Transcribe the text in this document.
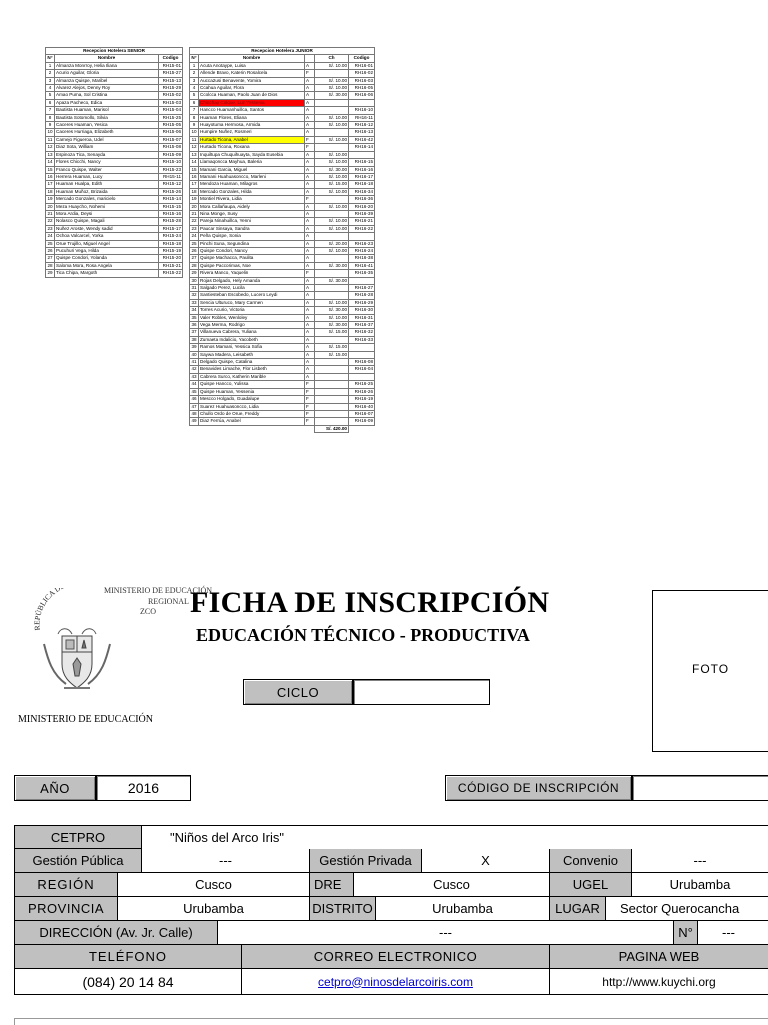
Recepcion Hotelera SENIOR		
N°	Nombre	Codigo
1	Almanza Monrroy, Helia Iliana	RH15-01
2	Acurio Aguilar, Gloria	RH15-27
3	Almanza Quispe, Maribel	RH15-13
4	Alvarez Alejos, Denny Roy	RH15-29
5	Amao Puma, Sol Cristina	RH15-02
6	Apaza Pacheco, Edica	RH15-03
7	Bautista Huaman, Marisol	RH15-04
8	Bautista Sotomollo, Silvia	RH15-25
9	Caceres Huaman, Yesica	RH15-05
10	Caceres Hurriaga, Elizabeth	RH15-06
11	Carnejo Figueroa, Udel	RH15-07
12	Diaz Sota, William	RH15-08
13	Espinoza Tica, Senayda	RH15-09
14	Flores Chicchi, Nancy	RH15-10
15	Franco Quispe, Walter	RH15-23
16	Herrera Huaman, Lucy	RH15-11
17	Huaman Hualpa, Edith	RH15-12
18	Huaman Muñoz, Brizaida	RH15-26
19	Mercado Gonzales, maricielo	RH15-14
20	Meza Huaycho, Nohemi	RH15-15
21	Mora Ardia, Deysi	RH15-16
22	Nolasco Quispe, Magali	RH15-28
23	Nuñez Aroste, Wendy sadid	RH15-17
24	Ochoa Valcarcel, Yorka	RH15-24
25	Orue Trujillo, Miguel Angel	RH15-18
26	Pucuhuri Vega, Hilda	RH15-19
27	Quispe Condori, Yolanda	RH15-20
28	Saloma Mora, Rosa Angela	RH15-21
29	Tica Chipa, Margoth	RH15-22
Recepcion Hotelera JUNIOR				
N°	Nombre		Ch	Codigo
1	Acuta Anotaype, Luisa	A	S/. 10.00	RH16-01
2	Allende Bravo, Katerin Rosalcela	F		RH16-02
3	Aucca2usi Benavente, Yomira	A	S/. 10.00	RH16-03
4	Ccahua Aguilar, Flora	A	S/. 10.00	RH16-05
5	Ccolcca Huaman, Paolo Juan de Dios	A	S/. 30.00	RH16-06
6	Chinchay Colque, Luz Yessenia	A		
7	Hancco Huamanhuillca, Santos	A		RH16-10
8	Huaman Flores, Eliana	A	S/. 10.00	RH16-11
9	Huayotuma Hermosa, Armida	A	S/. 10.00	RH16-12
10	Humpire Nuñez, Rosmeri	A		RH16-13
11	Hurtado Ticona, Anabel	F	S/. 10.00	RH16-42
12	Hurtado Ticona, Roxana	F		RH16-14
13	Inquiltupa Chuquihuayta, Sayda Eusebia	A	S/. 10.00	
14	Llamaqoncca Mayhua, Baleria	A	S/. 10.00	RH16-15
15	Mamani Garcia, Miguel	A	S/. 30.00	RH16-16
16	Mamani Huahuasoncco, Marleni	A	S/. 10.00	RH16-17
17	Mendoza Huaman, Milagros	A	S/. 15.00	RH16-18
18	Mercado Gonzales, Hilda	A	S/. 10.00	RH16-34
19	Montiel Rivera, Lidia	F		RH16-36
20	Mora Callañaupa, Aidely	A	S/. 10.00	RH16-20
21	Nina Monge, Susy	A		RH16-39
22	Pareja Ninahuillca, Yenni	A	S/. 10.00	RH16-21
23	Paucar Sinsaya, Sandra	A	S/. 10.00	RH16-22
24	Peña Quispe, Sonia	A		
25	Pinchi Suna, Segundina	A	S/. 20.00	RH16-23
26	Quispe Condori, Nancy	A	S/. 10.00	RH16-24
27	Quispe Machacca, Paulita	A		RH16-38
28	Quispe Paccorimas, Noe	A	S/. 30.00	RH16-41
29	Rivera Manco, Yaquelin	F		RH16-35
30	Rojas Delgado, Hely Amanda	A	S/. 30.00	
31	Salgado Perez, Lucila	A		RH16-27
32	Santiesteban Escobedo, Lucero Leydi	A		RH16-28
33	Sencia Ulturuco, Mary Carmen	A	S/. 10.00	RH16-29
34	Torres Acurio, Victoria	A	S/. 30.00	RH16-30
35	Valer Robles, Wenloley	A	S/. 10.00	RH16-31
36	Vega Merma, Rodrigo	A	S/. 30.00	RH16-37
37	Villanueva Cabrera, Yuliana	A	S/. 15.00	RH16-32
38	Zumaeta Indalicio, Yacobeth	A		RH16-33
39	Ramos Mamani, Yessica Sofia	A	S/. 15.00	
40	Saywa Madera, Leisabeth	A	S/. 15.00	
41	Delgado Quispe, Catalina	A		RH16-08
42	Benavides Limache, Flor Lisbeth	A		RH16-04
43	Cabrera Surco, Katherin Marible	A		
44	Quispe Hancco, Yulissa	F		RH16-25
45	Quispe Huaman, Yessenia	F		RH16-26
46	Mescco Holgado, Guadalupe	F		RH16-19
47	Suarez Huahuasoncco, Lidia	F		RH16-40
48	Chullo Ordo de Orue, Freddy	F		RH16-07
49	Diaz Ferrúa, Anabel	F		RH16-09
			S/. 420.00	
REPÚBLICA D	MINISTERIO DE EDUCACIÓN
REGIONAL
ZCO
MINISTERIO DE EDUCACIÓN
FICHA DE INSCRIPCIÓN
EDUCACIÓN TÉCNICO - PRODUCTIVA
CICLO
FOTO
AÑO	2016	CÓDIGO DE INSCRIPCIÓN
CETPRO	"Niños del Arco Iris"
Gestión Pública	---	Gestión Privada	X	Convenio	---
REGIÓN	Cusco	DRE	Cusco	UGEL	Urubamba
PROVINCIA	Urubamba	DISTRITO	Urubamba	LUGAR	Sector Querocancha
DIRECCIÓN (Av. Jr. Calle)	---	N°	---
TELÉFONO	CORREO ELECTRONICO	PAGINA WEB
(084) 20 14 84	cetpro@ninosdelarcoiris.com	http://www.kuychi.org
